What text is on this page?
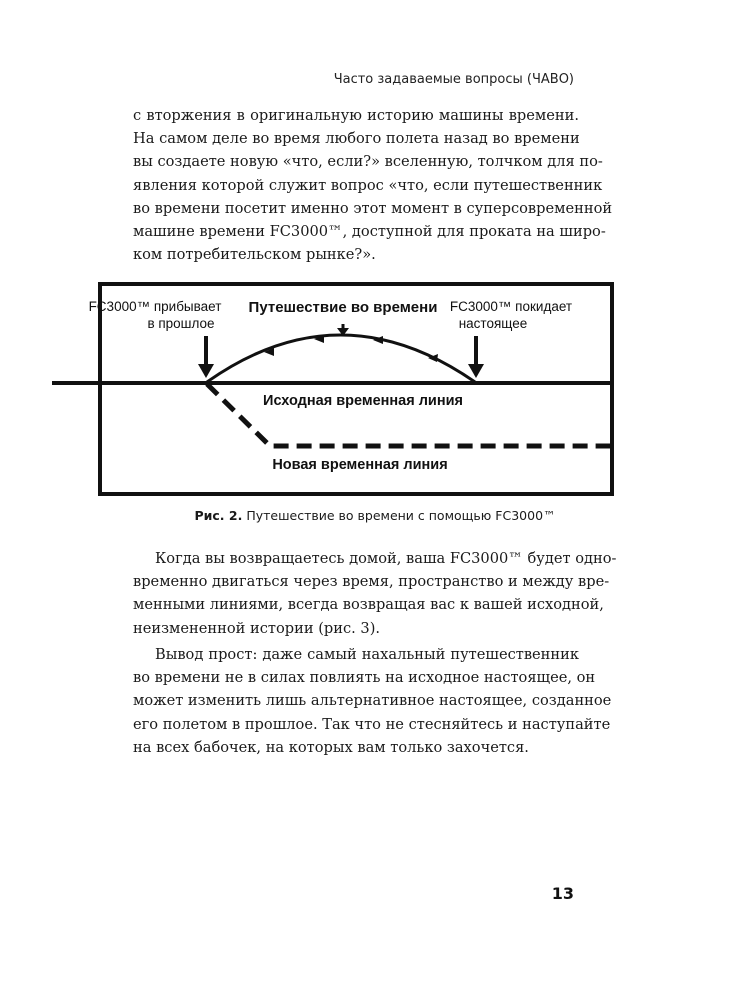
Часто задаваемые вопросы (ЧАВО)

с вторжения в оригинальную историю машины времени.
На самом деле во время любого полета назад во времени
вы создаете новую «что, если?» вселенную, толчком для по-
явления которой служит вопрос «что, если путешественник
во времени посетит именно этот момент в суперсовременной
машине времени FC3000™, доступной для проката на широ-
ком потребительском рынке?».

FC3000™ прибывает
в прошлое
Путешествие во времени FC3000™ покидает
настоящее
Исходная временная линия
Новая временная линия
Рис. 2. Путешествие во времени с помощью FC3000™

Когда вы возвращаетесь домой, ваша FC3000™ будет одно-
временно двигаться через время, пространство и между вре-
менными линиями, всегда возвращая вас к вашей исходной,
неизмененной истории (рис. 3).

Вывод прост: даже самый нахальный путешественник
во времени не в силах повлиять на исходное настоящее, он
может изменить лишь альтернативное настоящее, созданное
его полетом в прошлое. Так что не стесняйтесь и наступайте
на всех бабочек, на которых вам только захочется.

13
